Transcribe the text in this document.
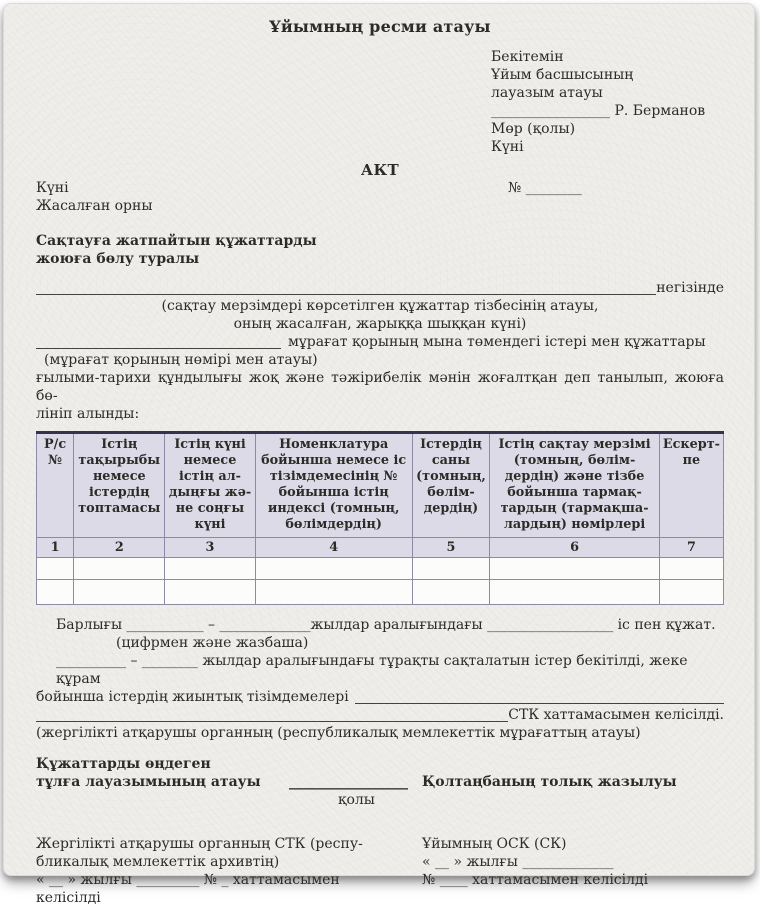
Ұйымның ресми атауы
Бекітемін
Ұйым басшысының
лауазым атауы
_________________ Р. Берманов
Мөр (қолы)
Күні
АКТ
Күні	№ ________
Жасалған орны
Сақтауға жатпайтын құжаттарды
жоюға бөлу туралы
негізінде
(сақтау мерзімдері көрсетілген құжаттар тізбесінің атауы,
оның жасалған, жарыққа шыққан күні)
мұрағат қорының мына төмендегі істері мен құжаттары
(мұрағат қорының нөмірі мен атауы)
ғылыми-тарихи құндылығы жоқ және тәжірибелік мәнін жоғалтқан деп танылып, жоюға бө-
лініп алынды:
Р/с №	Істің тақырыбы немесе істердің топтамасы	Істің күні немесе істің ал-дыңғы жә-не соңғы күні	Номенклатура бойынша немесе іс тізімдемесінің № бойынша істің индексі (томның, бөлімдердің)	Істердің саны (томның, бөлім-дердің)	Істің сақтау мерзімі (томның, бөлім-дердің) және тізбе бойынша тармақ-тардың (тармақша-лардың) нөмірлері	Ескерт-пе
1	2	3	4	5	6	7

Барлығы ___________ – _____________жылдар аралығындағы __________________ іс пен құжат.
(цифрмен және жазбаша)
__________ – ________ жылдар аралығындағы тұрақты сақталатын істер бекітілді, жеке құрам
бойынша істердің жиынтық тізімдемелері
СТК хаттамасымен келісілді.
(жергілікті атқарушы органның (республикалық мемлекеттік мұрағаттың атауы)
Құжаттарды өңдеген
тұлға лауазымының атауы	_________________ Қолтаңбаның толық жазылуы
қолы
Жергілікті атқарушы органның СТК (респу-
бликалық мемлекеттік архивтің)
« __ » жылғы _________ № _ хаттамасымен
келісілді
Ұйымның ОСК (СК)
« __ » жылғы _____________
№ ____ хаттамасымен келісілді
